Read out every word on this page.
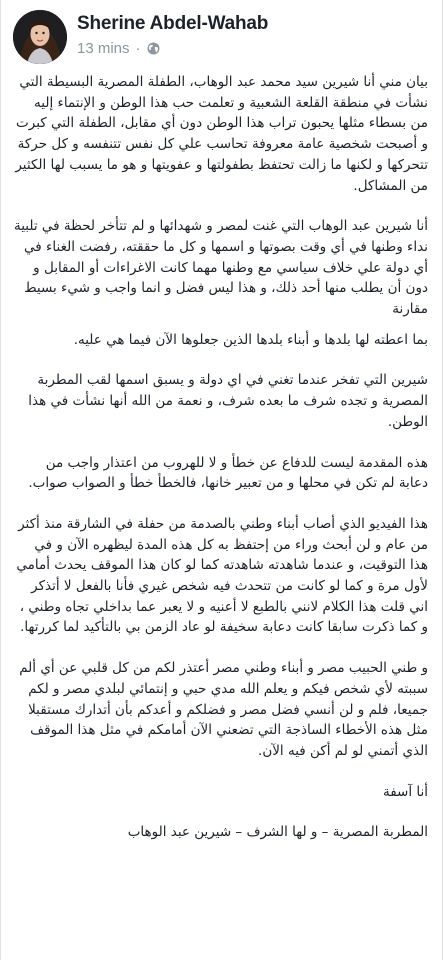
Sherine Abdel-Wahab
13 mins ·

بيان مني أنا شيرين سيد محمد عبد الوهاب، الطفلة المصرية البسيطة التي نشأت في منطقة القلعة الشعبية و تعلمت حب هذا الوطن و الإنتماء إليه من بسطاء مثلها يحبون تراب هذا الوطن دون أي مقابل، الطفلة التي كبرت و أصبحت شخصية عامة معروفة تحاسب علي كل نفس تتنفسه و كل حركة تتحركها و لكنها ما زالت تحتفظ بطفولتها و عفويتها و هو ما يسبب لها الكثير من المشاكل.

أنا شيرين عبد الوهاب التي غنت لمصر و شهدائها و لم تتأخر لحظة في تلبية نداء وطنها في أي وقت بصوتها و اسمها و كل ما حققته، رفضت الغناء في أي دولة علي خلاف سياسي مع وطنها مهما كانت الاغراءات أو المقابل و دون أن يطلب منها أحد ذلك، و هذا ليس فضل و انما واجب و شيء بسيط مقارنة

بما اعطته لها بلدها و أبناء بلدها الذين جعلوها الآن فيما هي عليه.

شيرين التي تفخر عندما تغني في اي دولة و يسبق اسمها لقب المطربة المصرية و تجده شرف ما بعده شرف، و نعمة من الله أنها نشأت في هذا الوطن.

هذه المقدمة ليست للدفاع عن خطأ و لا للهروب من اعتذار واجب من دعابة لم تكن في محلها و من تعبير خانها، فالخطأ خطأ و الصواب صواب.

هذا الفيديو الذي أصاب أبناء وطني بالصدمة من حفلة في الشارقة منذ أكثر من عام و لن أبحث وراء من إحتفظ به كل هذه المدة ليظهره الآن و في هذا التوقيت، و عندما شاهدته شاهدته كما لو كان هذا الموقف يحدث أمامي لأول مرة و كما لو كانت من تتحدث فيه شخص غيري فأنا بالفعل لا أتذكر اني قلت هذا الكلام لانني بالطبع لا أعنيه و لا يعبر عما بداخلي تجاه وطني ، و كما ذكرت سابقا كانت دعابة سخيفة لو عاد الزمن بي بالتأكيد لما كررتها.

و طني الحبيب مصر و أبناء وطني مصر أعتذر لكم من كل قلبي عن أي ألم سببته لأي شخص فيكم و يعلم الله مدي حبي و إنتمائي لبلدي مصر و لكم جميعا، فلم و لن أنسي فضل مصر و فضلكم و أعدكم بأن أتدارك مستقبلا مثل هذه الأخطاء الساذجة التي تضعني الآن أمامكم في مثل هذا الموقف الذي أتمني لو لم أكن فيه الآن.

أنا آسفة

المطربة المصرية – و لها الشرف – شيرين عبد الوهاب
